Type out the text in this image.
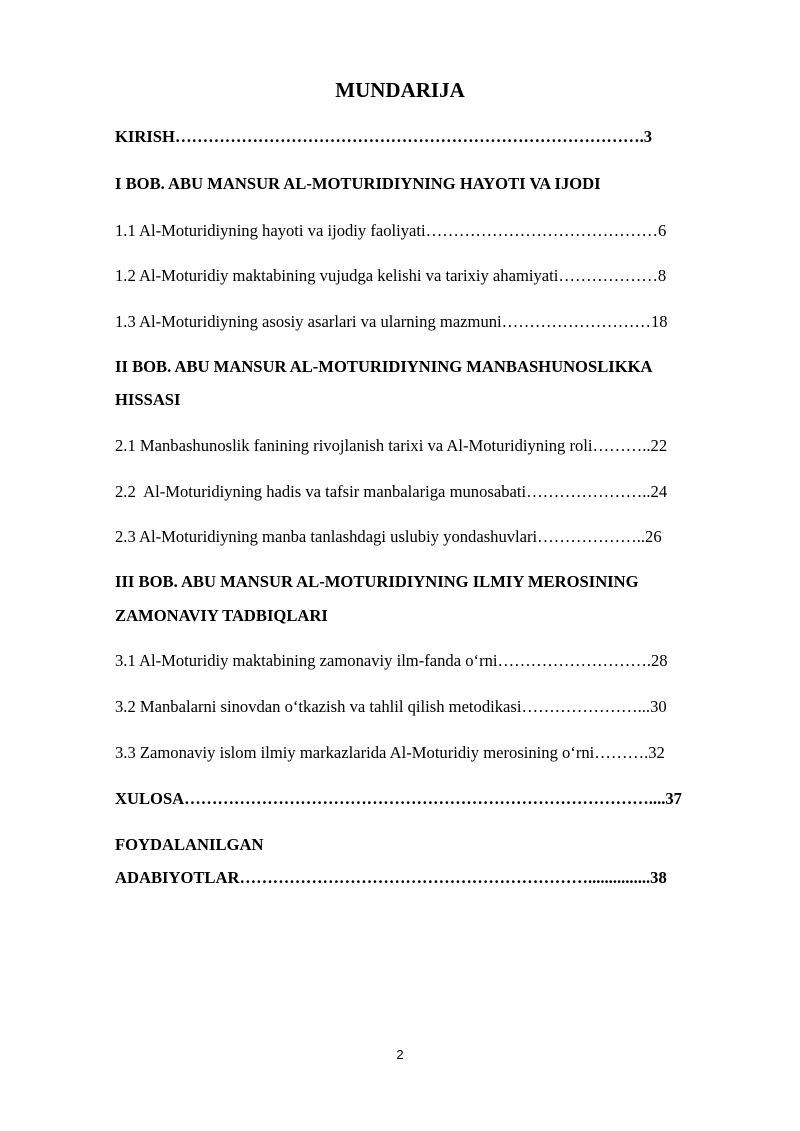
MUNDARIJA

KIRISH………………………………………………………………………….3

I BOB. ABU MANSUR AL-MOTURIDIYNING HAYOTI VA IJODI

1.1 Al-Moturidiyning hayoti va ijodiy faoliyati……………………………………6

1.2 Al-Moturidiy maktabining vujudga kelishi va tarixiy ahamiyati………………8

1.3 Al-Moturidiyning asosiy asarlari va ularning mazmuni………………………18

II BOB. ABU MANSUR AL-MOTURIDIYNING MANBASHUNOSLIKKA

HISSASI

2.1 Manbashunoslik fanining rivojlanish tarixi va Al-Moturidiyning roli………..22

2.2  Al-Moturidiyning hadis va tafsir manbalariga munosabati…………………..24

2.3 Al-Moturidiyning manba tanlashdagi uslubiy yondashuvlari………………..26

III BOB. ABU MANSUR AL-MOTURIDIYNING ILMIY MEROSINING

ZAMONAVIY TADBIQLARI

3.1 Al-Moturidiy maktabining zamonaviy ilm-fanda o‘rni……………………….28

3.2 Manbalarni sinovdan o‘tkazish va tahlil qilish metodikasi…………………...30

3.3 Zamonaviy islom ilmiy markazlarida Al-Moturidiy merosining o‘rni……….32

XULOSA…………………………………………………………………………....37

FOYDALANILGAN

ADABIYOTLAR………………………………………………………...............38

2
